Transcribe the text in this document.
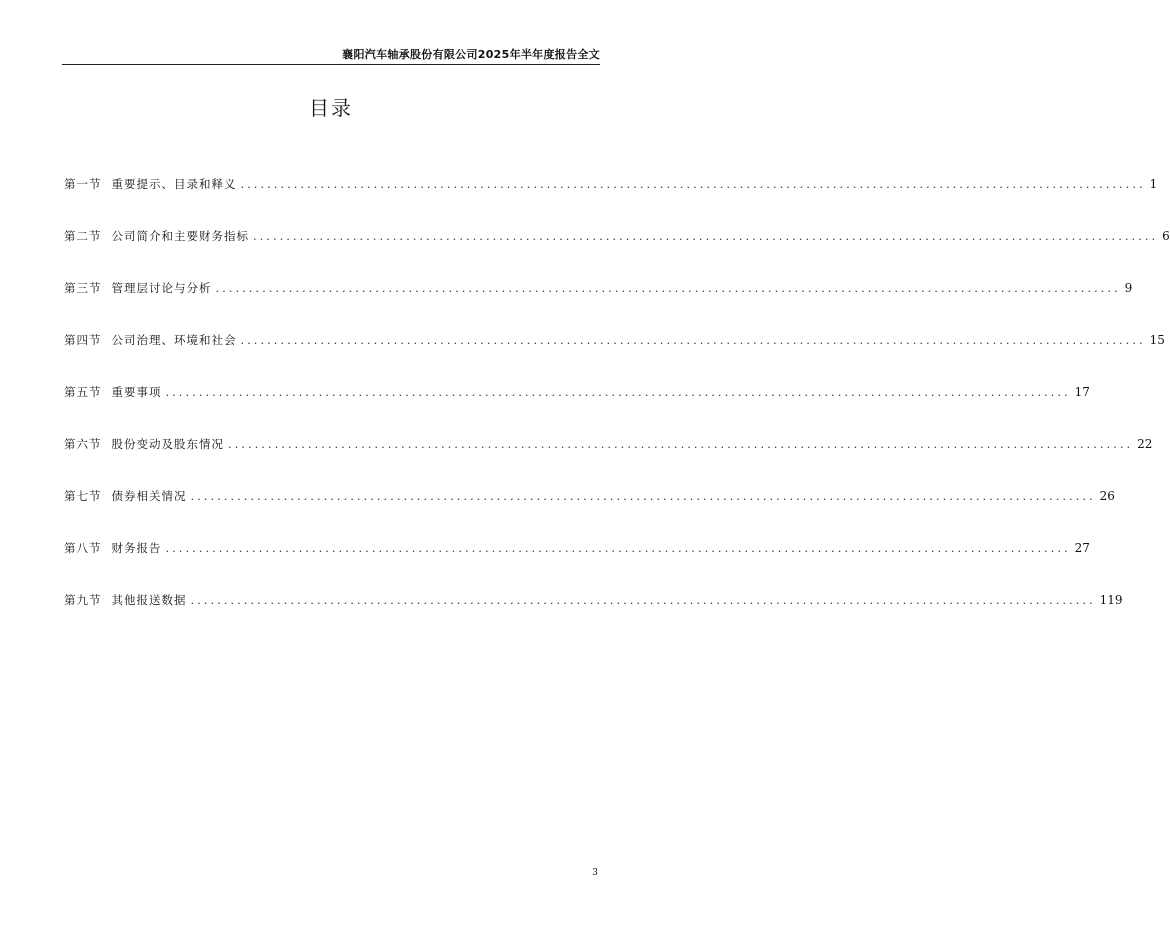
襄阳汽车轴承股份有限公司2025年半年度报告全文
目录
第一节 重要提示、目录和释义 ........................................................................................................................................ 1
第二节 公司简介和主要财务指标 ........................................................................................................................................ 6
第三节 管理层讨论与分析 ........................................................................................................................................ 9
第四节 公司治理、环境和社会 ........................................................................................................................................ 15
第五节 重要事项 ........................................................................................................................................ 17
第六节 股份变动及股东情况 ........................................................................................................................................ 22
第七节 债券相关情况 ........................................................................................................................................ 26
第八节 财务报告 ........................................................................................................................................ 27
第九节 其他报送数据 ........................................................................................................................................ 119
3
